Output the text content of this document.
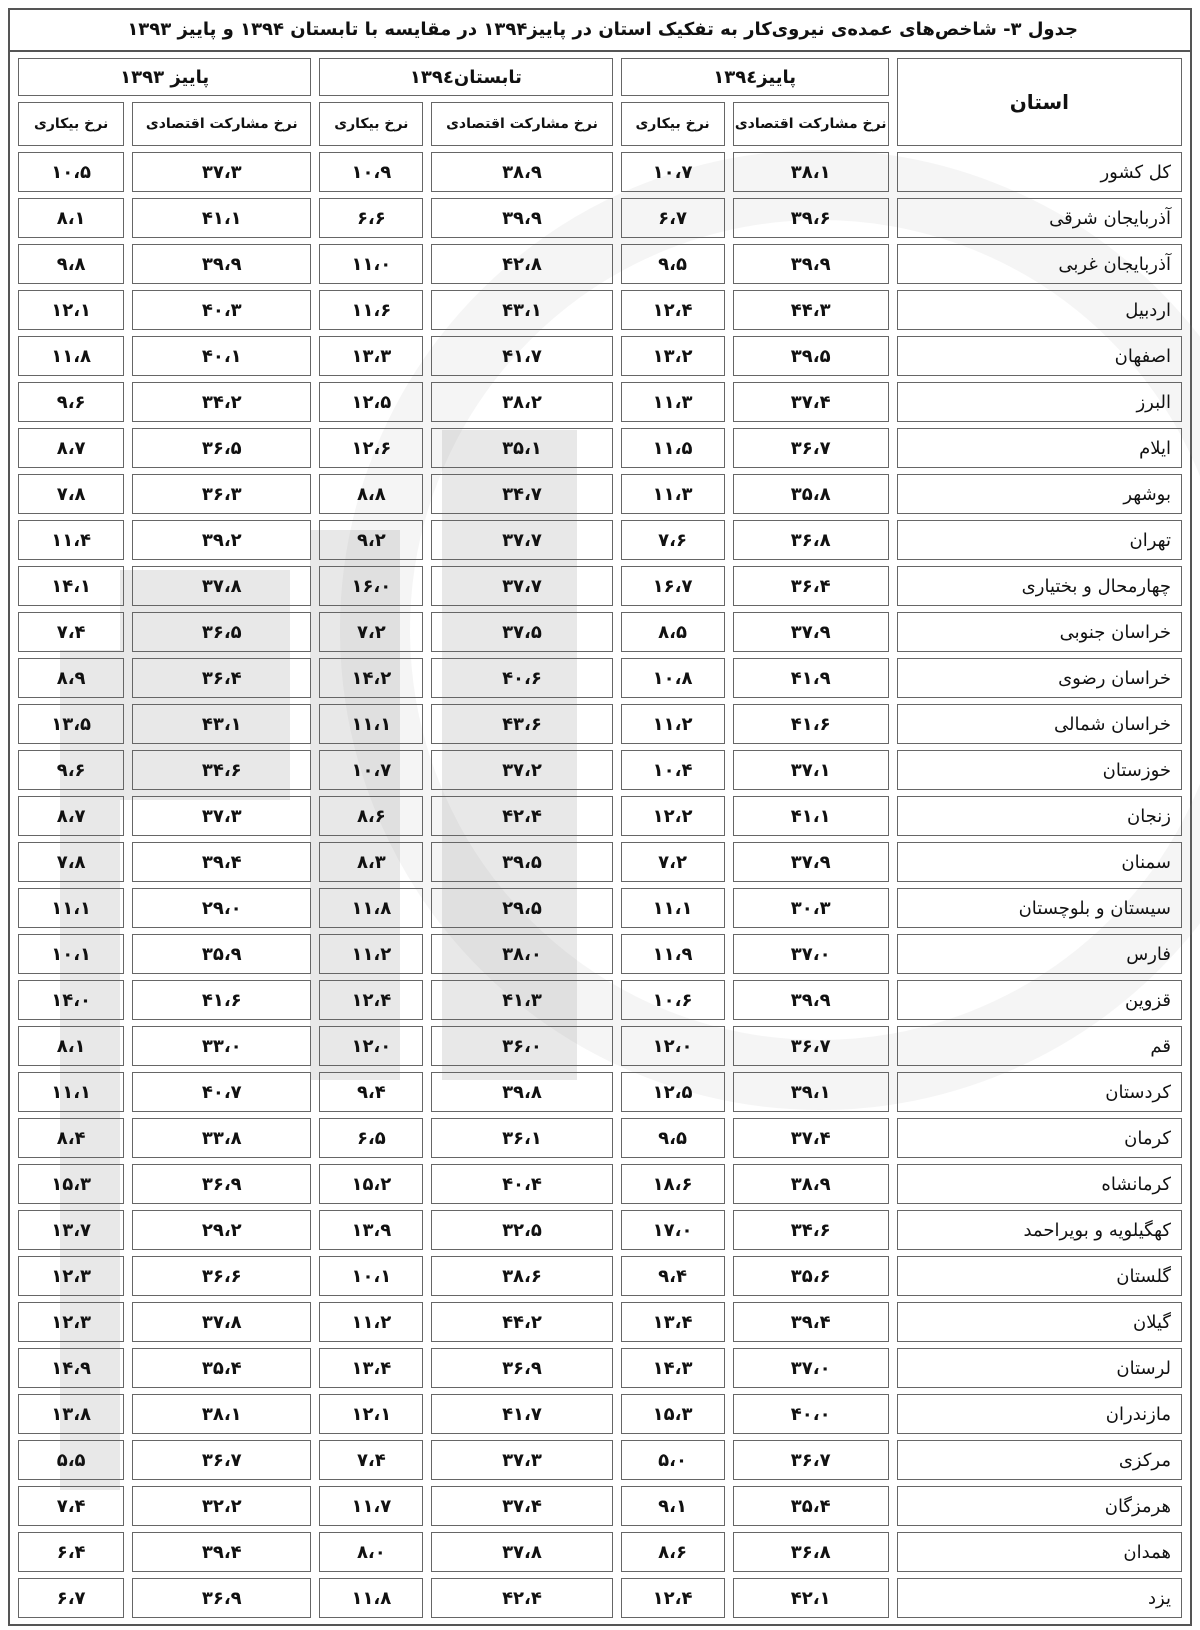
جدول ۳- شاخص‌های عمده‌ی نیروی‌کار به تفکیک استان در پاییز۱۳۹۴ در مقایسه با تابستان ۱۳۹۴ و پاییز ۱۳۹۳
استان	پاییز۱۳۹٤		تابستان۱۳۹٤		پاییز ۱۳۹۳	
	نرخ مشارکت اقتصادی	نرخ بیکاری	نرخ مشارکت اقتصادی	نرخ بیکاری	نرخ مشارکت اقتصادی	نرخ بیکاری
کل کشور	۳۸،۱	۱۰،۷	۳۸،۹	۱۰،۹	۳۷،۳	۱۰،۵
آذربایجان شرقی	۳۹،۶	۶،۷	۳۹،۹	۶،۶	۴۱،۱	۸،۱
آذربایجان غربی	۳۹،۹	۹،۵	۴۲،۸	۱۱،۰	۳۹،۹	۹،۸
اردبیل	۴۴،۳	۱۲،۴	۴۳،۱	۱۱،۶	۴۰،۳	۱۲،۱
اصفهان	۳۹،۵	۱۳،۲	۴۱،۷	۱۳،۳	۴۰،۱	۱۱،۸
البرز	۳۷،۴	۱۱،۳	۳۸،۲	۱۲،۵	۳۴،۲	۹،۶
ایلام	۳۶،۷	۱۱،۵	۳۵،۱	۱۲،۶	۳۶،۵	۸،۷
بوشهر	۳۵،۸	۱۱،۳	۳۴،۷	۸،۸	۳۶،۳	۷،۸
تهران	۳۶،۸	۷،۶	۳۷،۷	۹،۲	۳۹،۲	۱۱،۴
چهارمحال و بختیاری	۳۶،۴	۱۶،۷	۳۷،۷	۱۶،۰	۳۷،۸	۱۴،۱
خراسان جنوبی	۳۷،۹	۸،۵	۳۷،۵	۷،۲	۳۶،۵	۷،۴
خراسان رضوی	۴۱،۹	۱۰،۸	۴۰،۶	۱۴،۲	۳۶،۴	۸،۹
خراسان شمالی	۴۱،۶	۱۱،۲	۴۳،۶	۱۱،۱	۴۳،۱	۱۳،۵
خوزستان	۳۷،۱	۱۰،۴	۳۷،۲	۱۰،۷	۳۴،۶	۹،۶
زنجان	۴۱،۱	۱۲،۲	۴۲،۴	۸،۶	۳۷،۳	۸،۷
سمنان	۳۷،۹	۷،۲	۳۹،۵	۸،۳	۳۹،۴	۷،۸
سیستان و بلوچستان	۳۰،۳	۱۱،۱	۲۹،۵	۱۱،۸	۲۹،۰	۱۱،۱
فارس	۳۷،۰	۱۱،۹	۳۸،۰	۱۱،۲	۳۵،۹	۱۰،۱
قزوین	۳۹،۹	۱۰،۶	۴۱،۳	۱۲،۴	۴۱،۶	۱۴،۰
قم	۳۶،۷	۱۲،۰	۳۶،۰	۱۲،۰	۳۳،۰	۸،۱
کردستان	۳۹،۱	۱۲،۵	۳۹،۸	۹،۴	۴۰،۷	۱۱،۱
کرمان	۳۷،۴	۹،۵	۳۶،۱	۶،۵	۳۳،۸	۸،۴
کرمانشاه	۳۸،۹	۱۸،۶	۴۰،۴	۱۵،۲	۳۶،۹	۱۵،۳
کهگیلویه و بویراحمد	۳۴،۶	۱۷،۰	۳۲،۵	۱۳،۹	۲۹،۲	۱۳،۷
گلستان	۳۵،۶	۹،۴	۳۸،۶	۱۰،۱	۳۶،۶	۱۲،۳
گیلان	۳۹،۴	۱۳،۴	۴۴،۲	۱۱،۲	۳۷،۸	۱۲،۳
لرستان	۳۷،۰	۱۴،۳	۳۶،۹	۱۳،۴	۳۵،۴	۱۴،۹
مازندران	۴۰،۰	۱۵،۳	۴۱،۷	۱۲،۱	۳۸،۱	۱۳،۸
مرکزی	۳۶،۷	۵،۰	۳۷،۳	۷،۴	۳۶،۷	۵،۵
هرمزگان	۳۵،۴	۹،۱	۳۷،۴	۱۱،۷	۳۲،۲	۷،۴
همدان	۳۶،۸	۸،۶	۳۷،۸	۸،۰	۳۹،۴	۶،۴
یزد	۴۲،۱	۱۲،۴	۴۲،۴	۱۱،۸	۳۶،۹	۶،۷
